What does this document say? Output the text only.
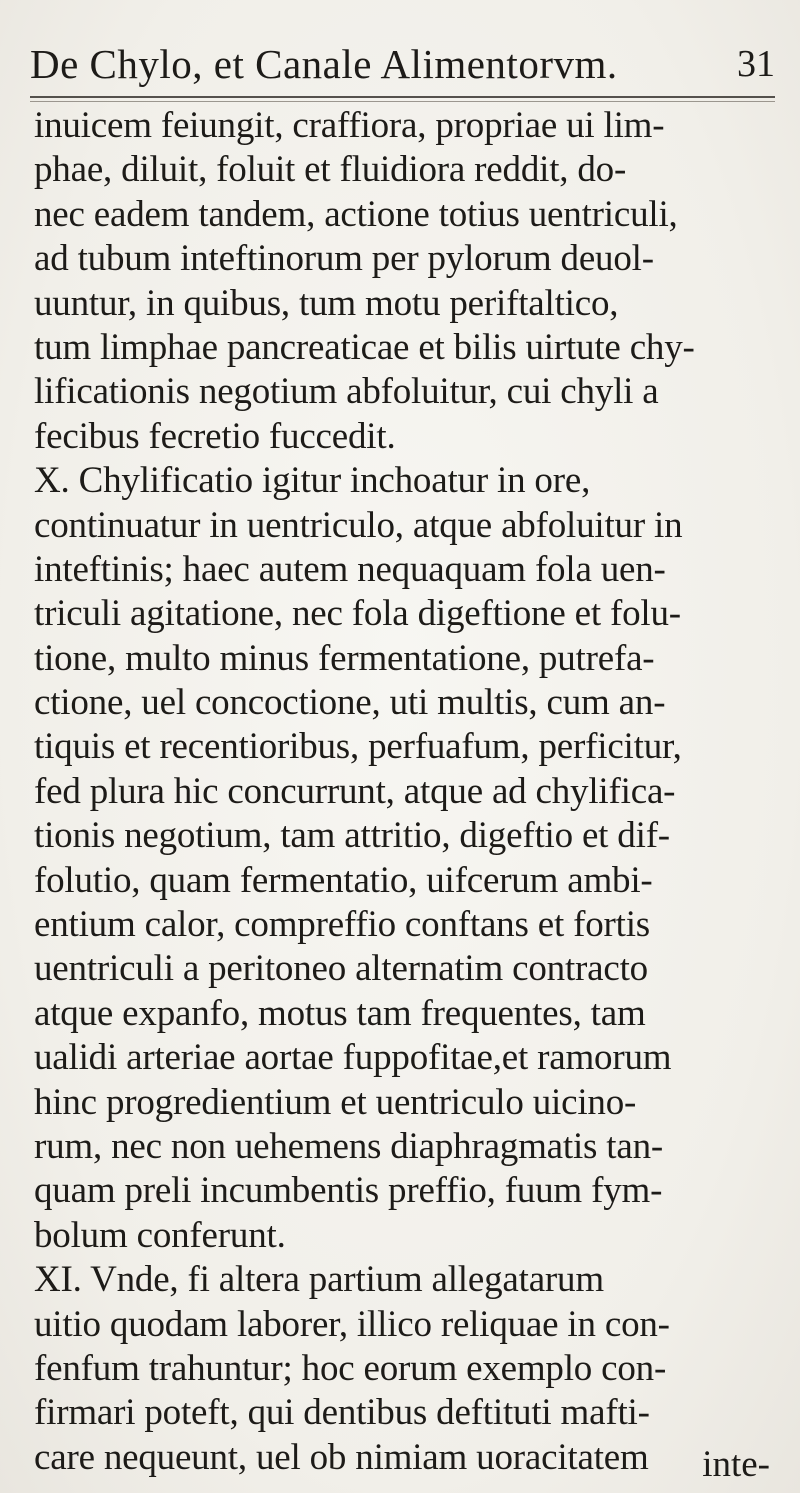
De Chylo, et Canale Alimentorvm.	31
inuicem feiungit, craffiora, propriae ui lim-
phae, diluit, foluit et fluidiora reddit, do-
nec eadem tandem, actione totius uentriculi,
ad tubum inteftinorum per pylorum deuol-
uuntur, in quibus, tum motu periftaltico,
tum limphae pancreaticae et bilis uirtute chy-
lificationis negotium abfoluitur, cui chyli a
fecibus fecretio fuccedit.
X. Chylificatio igitur inchoatur in ore,
continuatur in uentriculo, atque abfoluitur in
inteftinis; haec autem nequaquam fola uen-
triculi agitatione, nec fola digeftione et folu-
tione, multo minus fermentatione, putrefa-
ctione, uel concoctione, uti multis, cum an-
tiquis et recentioribus, perfuafum, perficitur,
fed plura hic concurrunt, atque ad chylifica-
tionis negotium, tam attritio, digeftio et dif-
folutio, quam fermentatio, uifcerum ambi-
entium calor, compreffio conftans et fortis
uentriculi a peritoneo alternatim contracto
atque expanfo, motus tam frequentes, tam
ualidi arteriae aortae fuppofitae,et ramorum
hinc progredientium et uentriculo uicino-
rum, nec non uehemens diaphragmatis tan-
quam preli incumbentis preffio, fuum fym-
bolum conferunt.
XI. Vnde, fi altera partium allegatarum
uitio quodam laborer, illico reliquae in con-
fenfum trahuntur; hoc eorum exemplo con-
firmari poteft, qui dentibus deftituti mafti-
care nequeunt, uel ob nimiam uoracitatem	inte-
